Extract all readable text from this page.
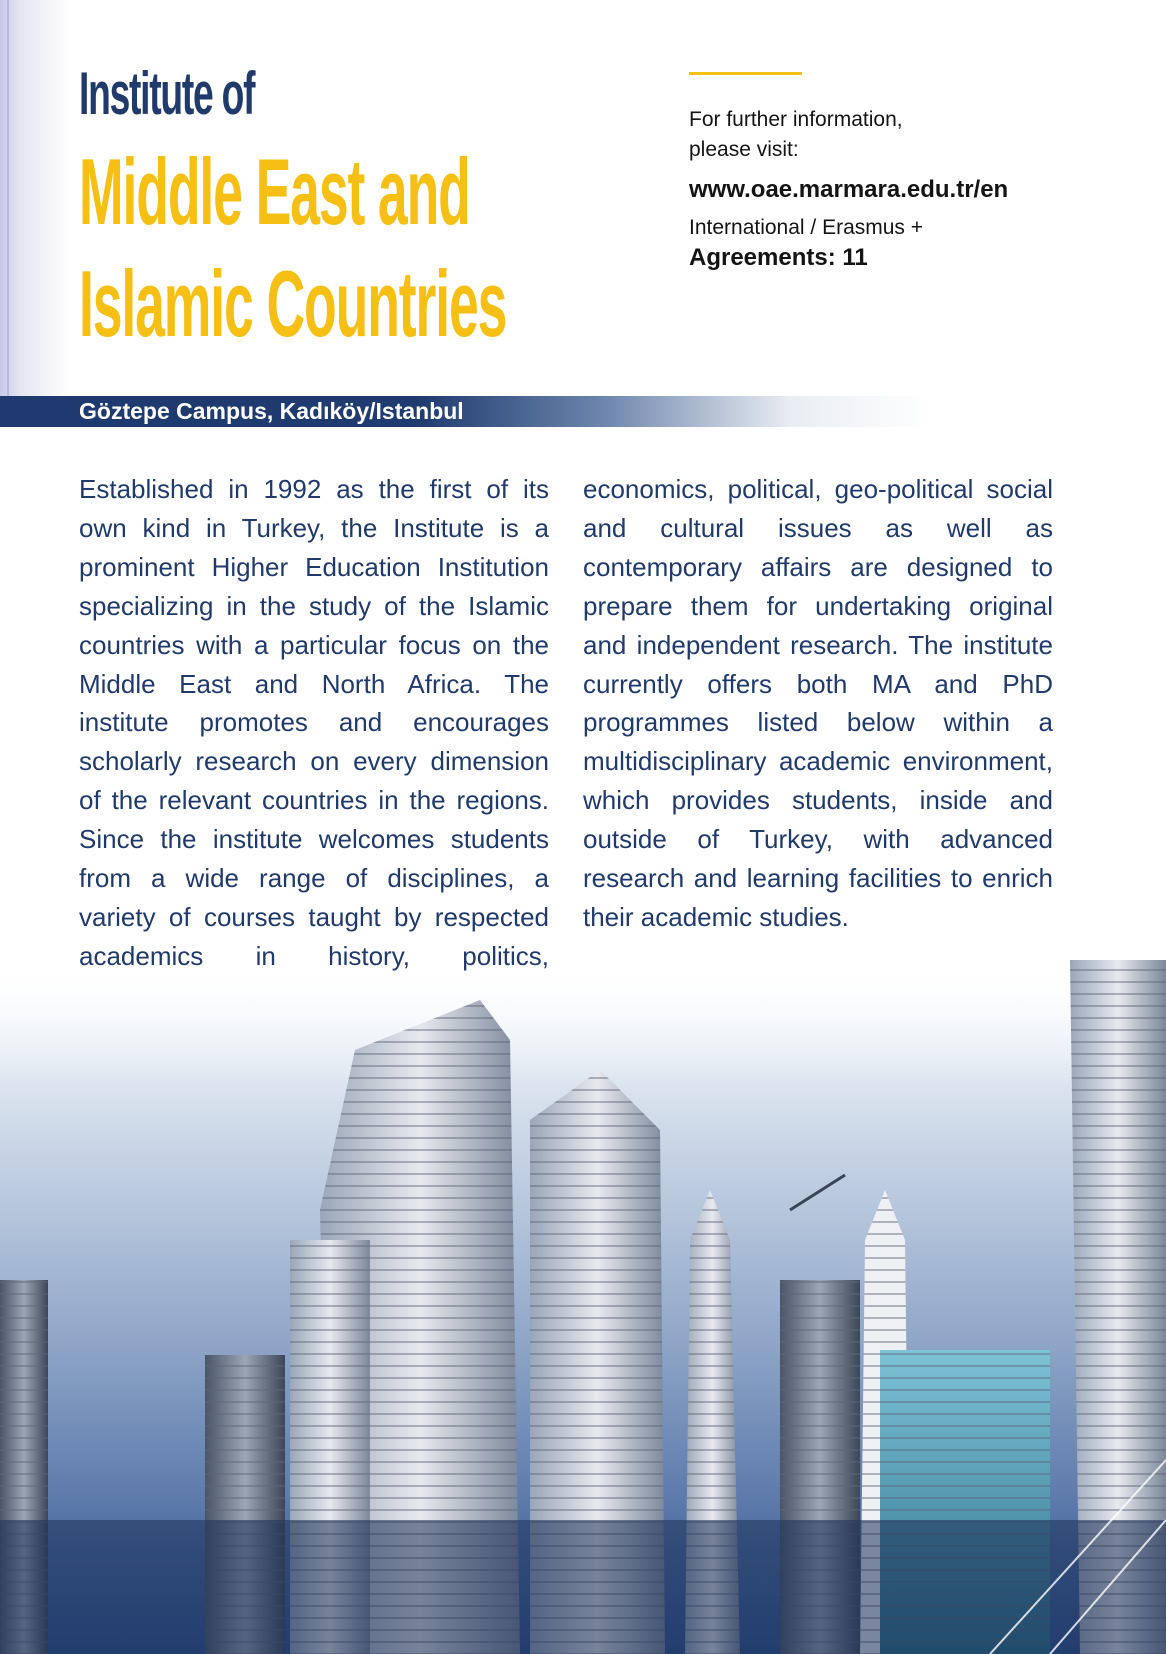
Institute of
Middle East and
Islamic Countries
For further information,
please visit:
www.oae.marmara.edu.tr/en
International / Erasmus +
Agreements: 11
Göztepe Campus, Kadıköy/Istanbul
Established in 1992 as the first of its own kind in Turkey, the Institute is a prominent Higher Education Institution specializing in the study of the Islamic countries with a particular focus on the Middle East and North Africa. The institute promotes and encourages scholarly research on every dimension of the relevant countries in the regions. Since the institute welcomes students from a wide range of disciplines, a variety of courses taught by respected academics in history, politics,
economics, political, geo-political social and cultural issues as well as contemporary affairs are designed to prepare them for undertaking original and independent research. The institute currently offers both MA and PhD programmes listed below within a multidisciplinary academic environment, which provides students, inside and outside of Turkey, with advanced research and learning facilities to enrich their academic studies.
